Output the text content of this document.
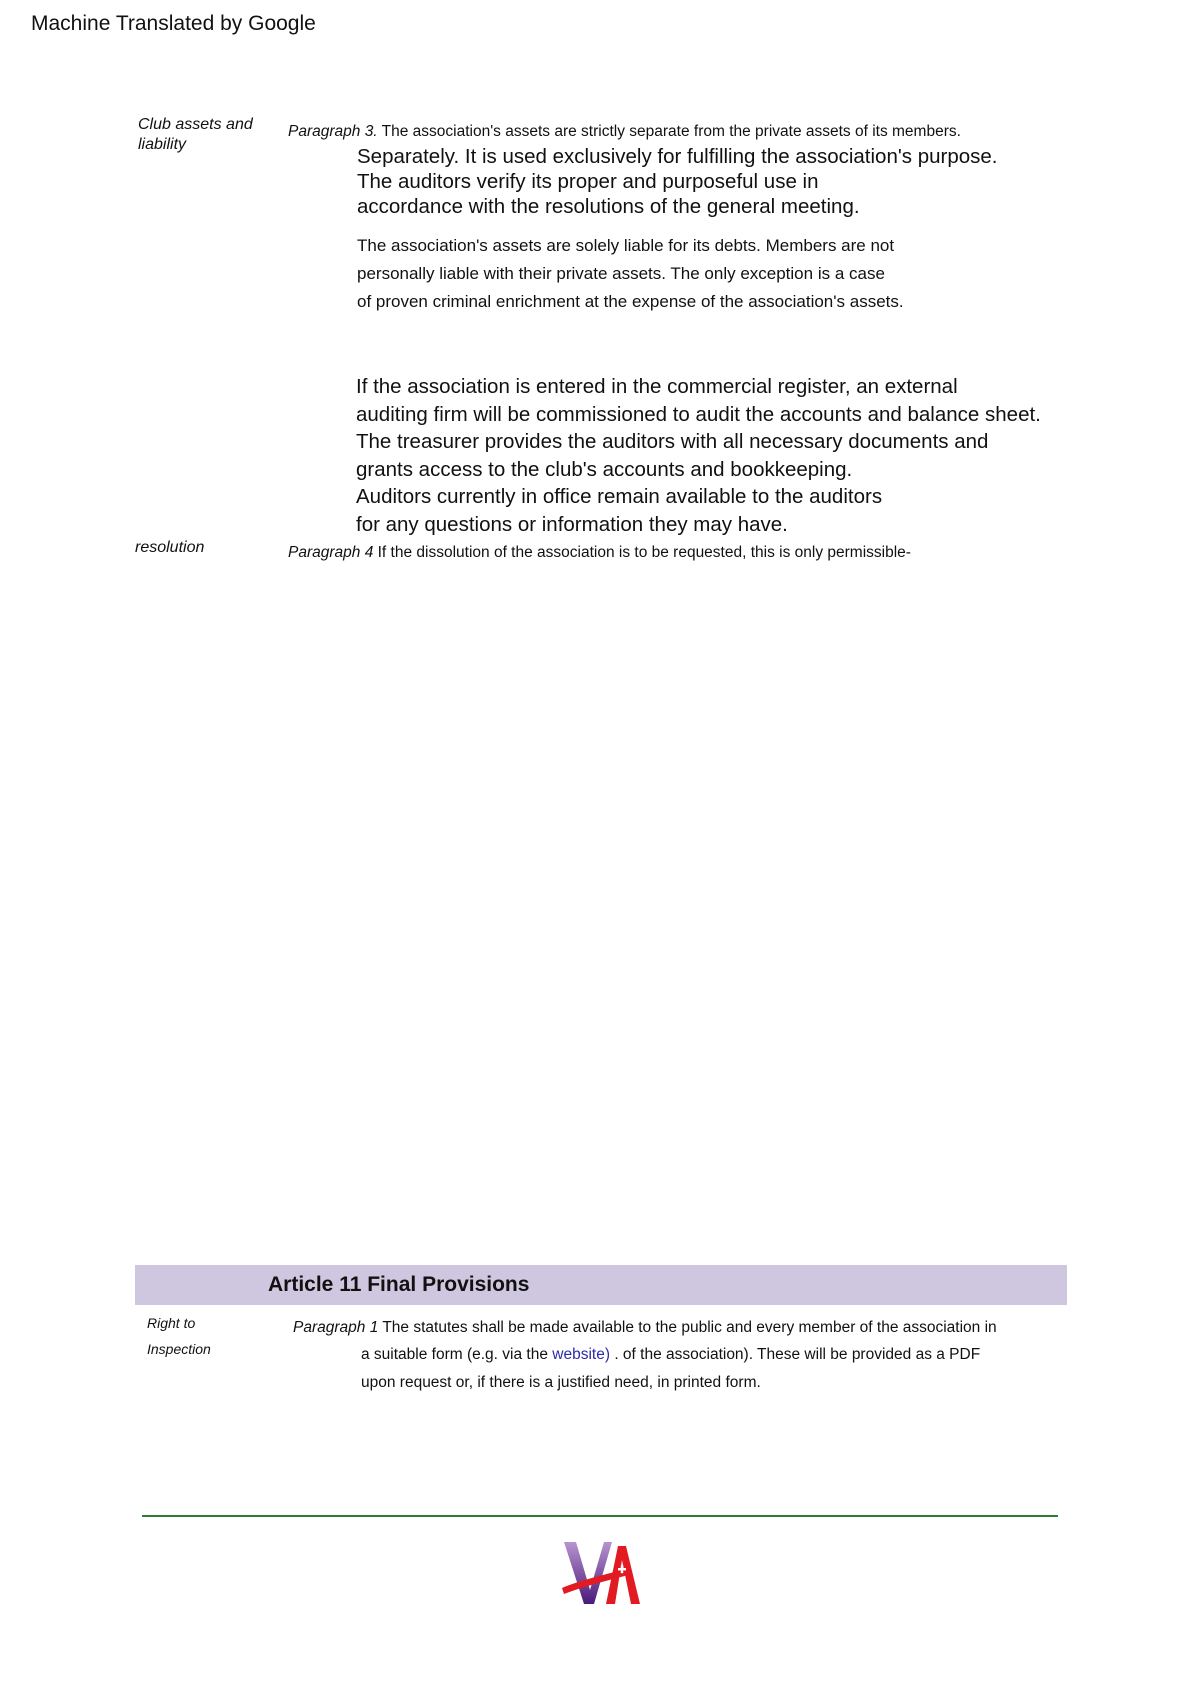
Machine Translated by Google
Club assets and
liability
Paragraph 3. The association's assets are strictly separate from the private assets of its members.
Separately. It is used exclusively for fulfilling the association's purpose.
The auditors verify its proper and purposeful use in
accordance with the resolutions of the general meeting.
The association's assets are solely liable for its debts. Members are not
personally liable with their private assets. The only exception is a case
of proven criminal enrichment at the expense of the association's assets.
If the association is entered in the commercial register, an external
auditing firm will be commissioned to audit the accounts and balance sheet.
The treasurer provides the auditors with all necessary documents and
grants access to the club's accounts and bookkeeping.
Auditors currently in office remain available to the auditors
for any questions or information they may have.
resolution	Paragraph 4 If the dissolution of the association is to be requested, this is only permissible-
Article 11 Final Provisions
Right to
Inspection
Paragraph 1 The statutes shall be made available to the public and every member of the association in
a suitable form (e.g. via the website) . of the association). These will be provided as a PDF
upon request or, if there is a justified need, in printed form.
